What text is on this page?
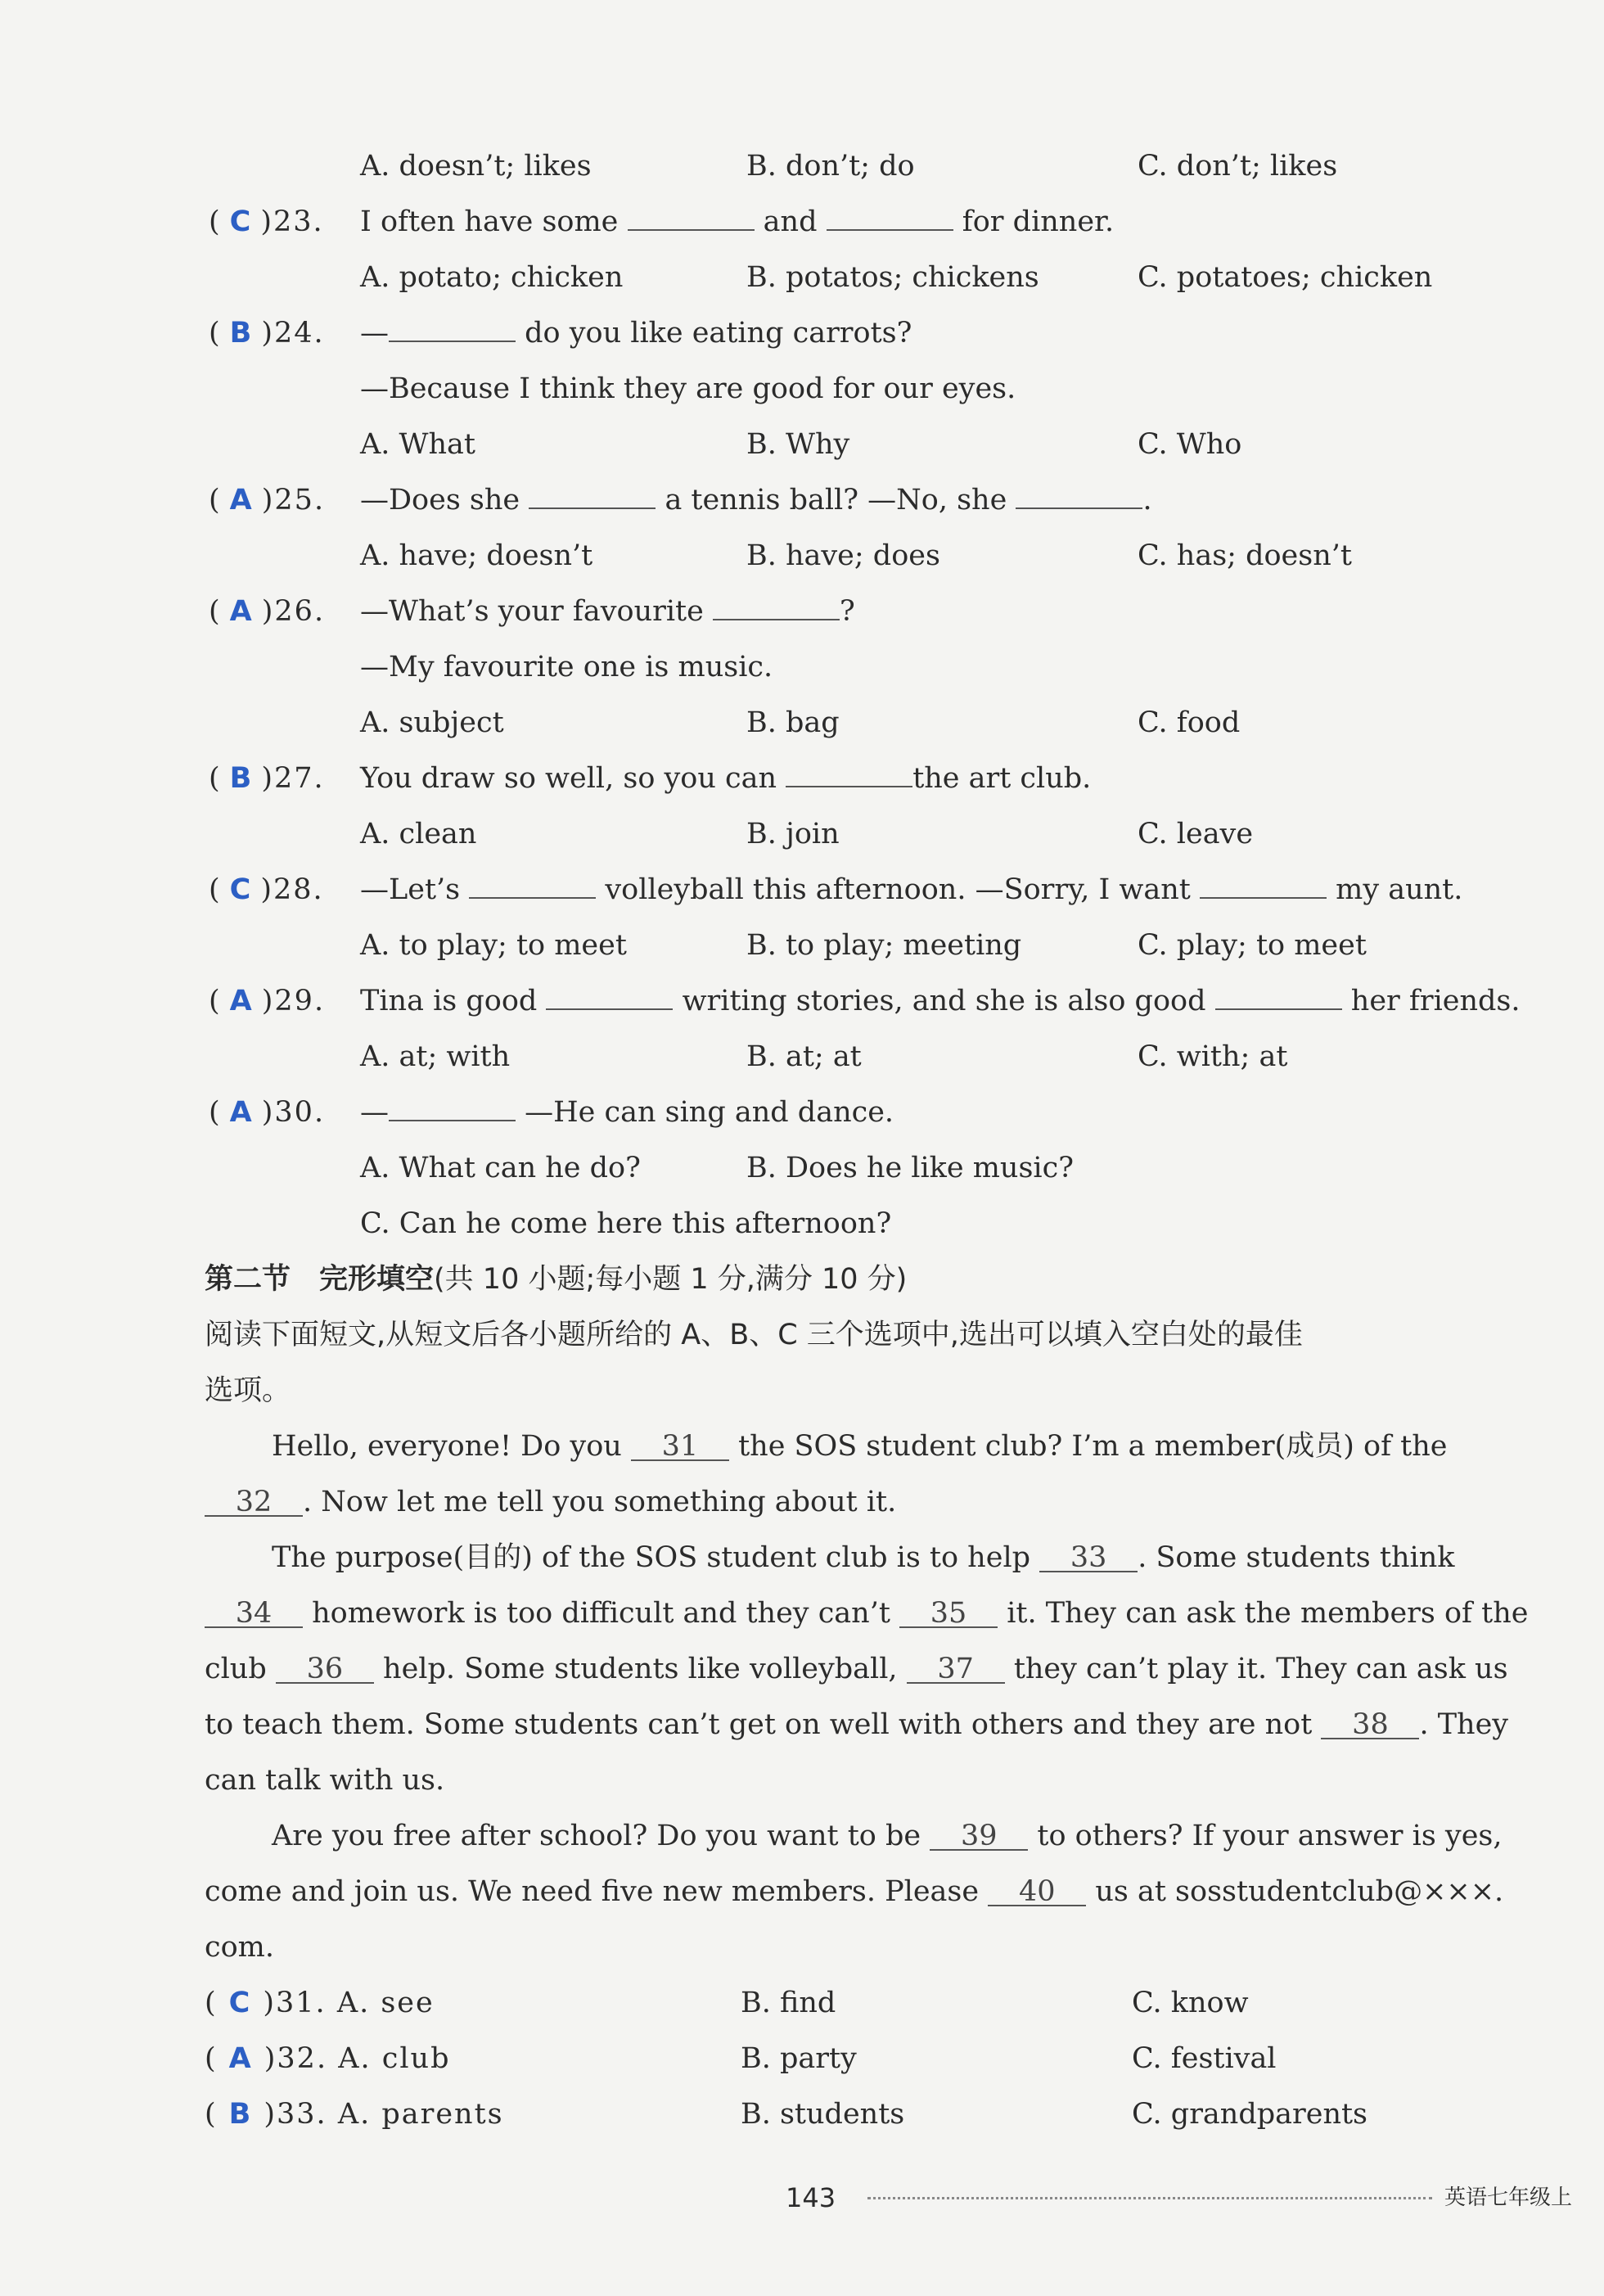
A. doesn’t; likes	B. don’t; do	C. don’t; likes
( C )23. I often have some	and	for dinner.
A. potato; chicken	B. potatos; chickens	C. potatoes; chicken
( B )24. —	do you like eating carrots?
—Because I think they are good for our eyes.
A. What	B. Why	C. Who
( A )25. —Does she	a tennis ball? —No, she	.
A. have; doesn’t	B. have; does	C. has; doesn’t
( A )26. —What’s your favourite	?
—My favourite one is music.
A. subject	B. bag	C. food
( B )27. You draw so well, so you can	the art club.
A. clean	B. join	C. leave
( C )28. —Let’s	volleyball this afternoon. —Sorry, I want	my aunt.
A. to play; to meet	B. to play; meeting	C. play; to meet
( A )29. Tina is good	writing stories, and she is also good	her friends.
A. at; with	B. at; at	C. with; at
( A )30. —	—He can sing and dance.
A. What can he do?	B. Does he like music?
C. Can he come here this afternoon?
第二节　完形填空(共 10 小题;每小题 1 分,满分 10 分)
阅读下面短文,从短文后各小题所给的 A、B、C 三个选项中,选出可以填入空白处的最佳
选项。
Hello, everyone! Do you 31 the SOS student club? I’m a member(成员) of the
32 . Now let me tell you something about it.
The purpose(目的) of the SOS student club is to help 33 . Some students think
34 homework is too difficult and they can’t 35 it. They can ask the members of the
club 36 help. Some students like volleyball, 37 they can’t play it. They can ask us
to teach them. Some students can’t get on well with others and they are not 38 . They
can talk with us.
Are you free after school? Do you want to be 39 to others? If your answer is yes,
come and join us. We need five new members. Please 40 us at sosstudentclub@×××.
com.
( C )31. A. see	B. find	C. know
( A )32. A. club	B. party	C. festival
( B )33. A. parents	B. students	C. grandparents
143	英语七年级上
